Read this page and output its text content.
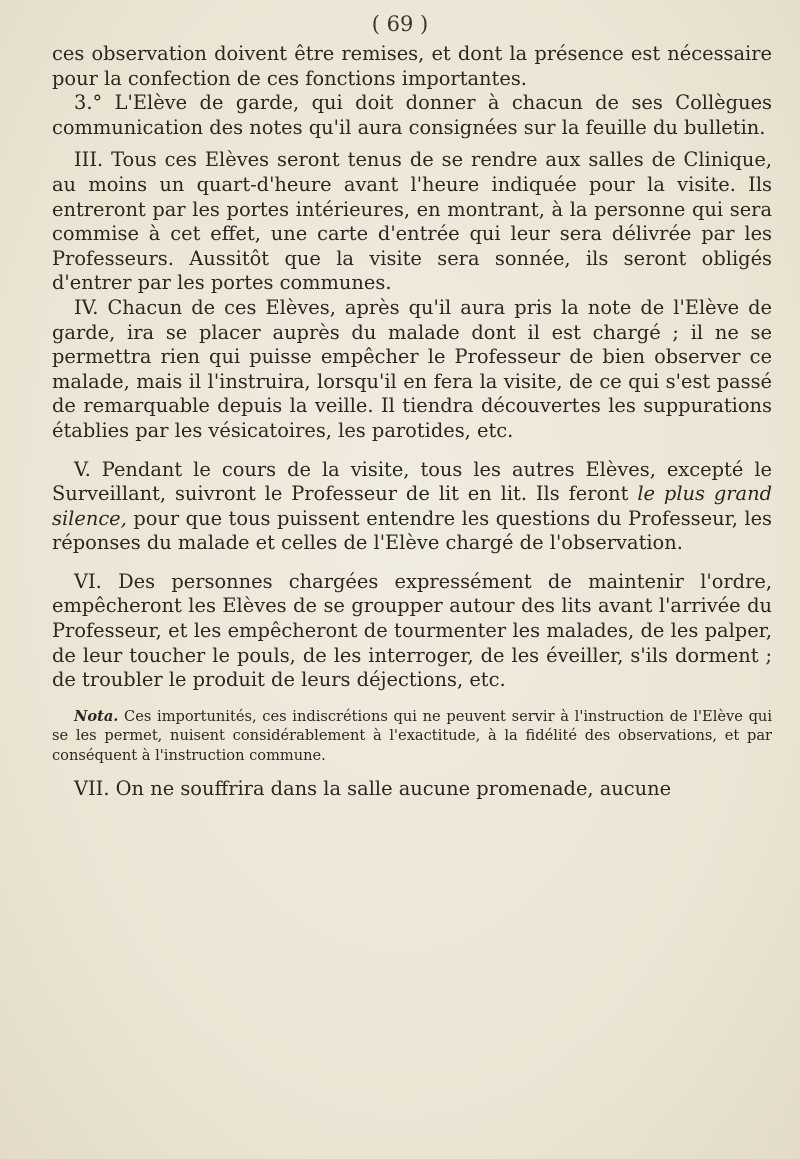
( 69 )

ces observation doivent être remises, et dont la présence est nécessaire pour la confection de ces fonctions importantes.

3.° L'Elève de garde, qui doit donner à chacun de ses Collègues communication des notes qu'il aura consignées sur la feuille du bulletin.

III. Tous ces Elèves seront tenus de se rendre aux salles de Clinique, au moins un quart-d'heure avant l'heure indiquée pour la visite. Ils entreront par les portes intérieures, en montrant, à la personne qui sera commise à cet effet, une carte d'entrée qui leur sera délivrée par les Professeurs. Aussitôt que la visite sera sonnée, ils seront obligés d'entrer par les portes communes.

IV. Chacun de ces Elèves, après qu'il aura pris la note de l'Elève de garde, ira se placer auprès du malade dont il est chargé ; il ne se permettra rien qui puisse empêcher le Professeur de bien observer ce malade, mais il l'instruira, lorsqu'il en fera la visite, de ce qui s'est passé de remarquable depuis la veille. Il tiendra découvertes les suppurations établies par les vésicatoires, les parotides, etc.

V. Pendant le cours de la visite, tous les autres Elèves, excepté le Surveillant, suivront le Professeur de lit en lit. Ils feront le plus grand silence, pour que tous puissent entendre les questions du Professeur, les réponses du malade et celles de l'Elève chargé de l'observation.

VI. Des personnes chargées expressément de maintenir l'ordre, empêcheront les Elèves de se groupper autour des lits avant l'arrivée du Professeur, et les empêcheront de tourmenter les malades, de les palper, de leur toucher le pouls, de les interroger, de les éveiller, s'ils dorment ; de troubler le produit de leurs déjections, etc.

Nota. Ces importunités, ces indiscrétions qui ne peuvent servir à l'instruction de l'Elève qui se les permet, nuisent considérablement à l'exactitude, à la fidélité des observations, et par conséquent à l'instruction commune.

VII. On ne souffrira dans la salle aucune promenade, aucune
